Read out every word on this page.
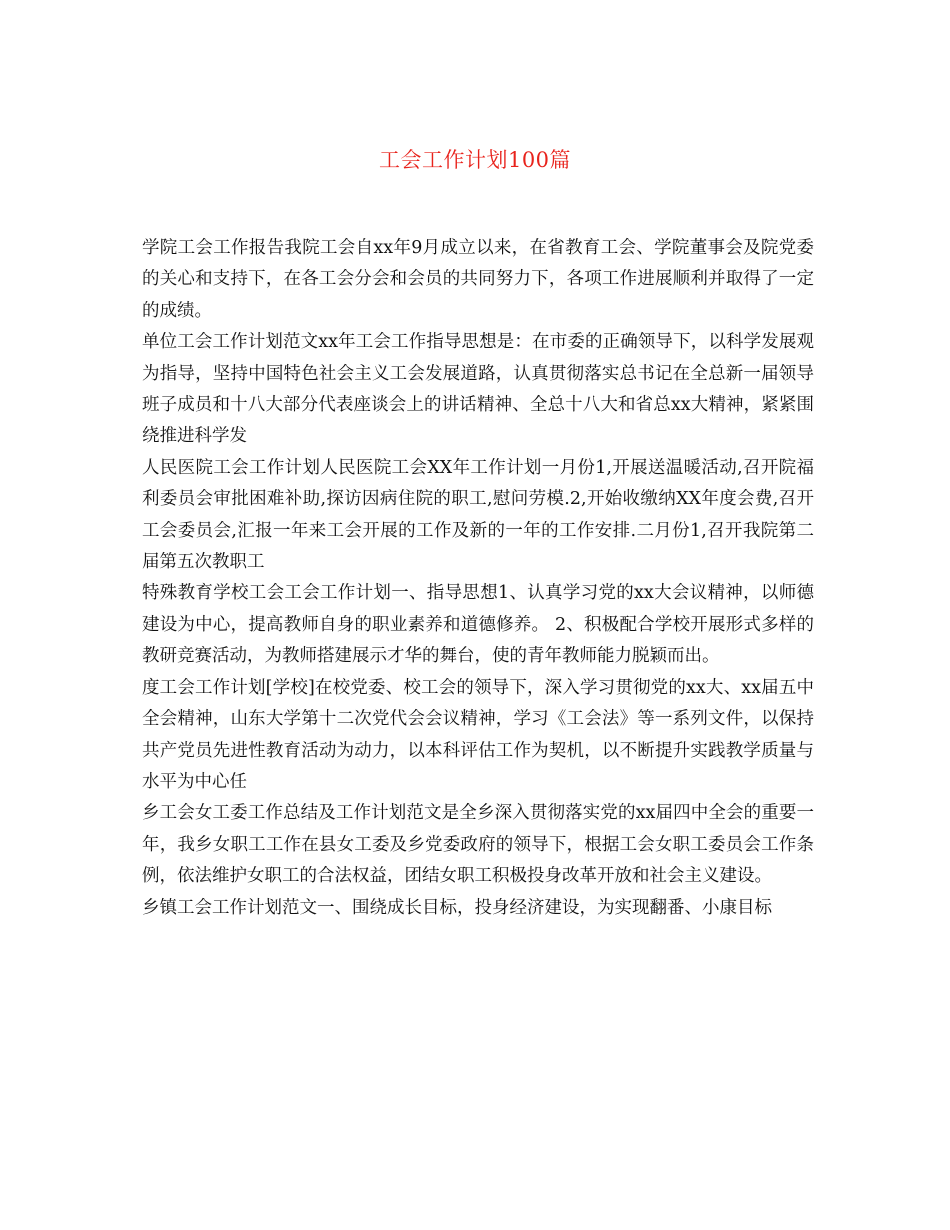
工会工作计划100篇

学院工会工作报告我院工会自xx年9月成立以来，在省教育工会、学院董事会及院党委的关心和支持下，在各工会分会和会员的共同努力下，各项工作进展顺利并取得了一定的成绩。

单位工会工作计划范文xx年工会工作指导思想是：在市委的正确领导下，以科学发展观为指导，坚持中国特色社会主义工会发展道路，认真贯彻落实总书记在全总新一届领导班子成员和十八大部分代表座谈会上的讲话精神、全总十八大和省总xx大精神，紧紧围绕推进科学发

人民医院工会工作计划人民医院工会XX年工作计划一月份1,开展送温暖活动,召开院福利委员会审批困难补助,探访因病住院的职工,慰问劳模.2,开始收缴纳XX年度会费,召开工会委员会,汇报一年来工会开展的工作及新的一年的工作安排.二月份1,召开我院第二届第五次教职工

特殊教育学校工会工会工作计划一、指导思想1、认真学习党的xx大会议精神，以师德建设为中心，提高教师自身的职业素养和道德修养。 2、积极配合学校开展形式多样的教研竞赛活动，为教师搭建展示才华的舞台，使的青年教师能力脱颖而出。

度工会工作计划[学校]在校党委、校工会的领导下，深入学习贯彻党的xx大、xx届五中全会精神，山东大学第十二次党代会会议精神，学习《工会法》等一系列文件，以保持共产党员先进性教育活动为动力，以本科评估工作为契机，以不断提升实践教学质量与水平为中心任

乡工会女工委工作总结及工作计划范文是全乡深入贯彻落实党的xx届四中全会的重要一年，我乡女职工工作在县女工委及乡党委政府的领导下，根据工会女职工委员会工作条例，依法维护女职工的合法权益，团结女职工积极投身改革开放和社会主义建设。

乡镇工会工作计划范文一、围绕成长目标，投身经济建设，为实现翻番、小康目标
